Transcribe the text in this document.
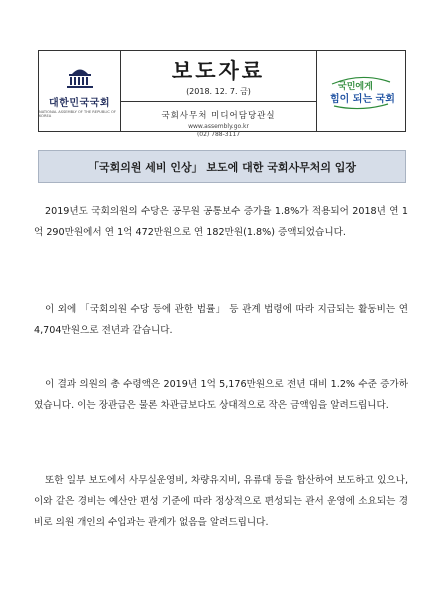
대한민국국회
NATIONAL ASSEMBLY OF THE REPUBLIC OF KOREA
보도자료
(2018. 12. 7. 금)
국회사무처 미디어담당관실
www.assembly.go.kr
(02) 788-3117
국민에게
힘이 되는 국회
「국회의원 세비 인상」 보도에 대한 국회사무처의 입장
2019년도 국회의원의 수당은 공무원 공통보수 증가율 1.8%가 적용되어 2018년 연 1억 290만원에서 연 1억 472만원으로 연 182만원(1.8%) 증액되었습니다.
이 외에 「국회의원 수당 등에 관한 법률」 등 관계 법령에 따라 지급되는 활동비는 연 4,704만원으로 전년과 같습니다.
이 결과 의원의 총 수령액은 2019년 1억 5,176만원으로 전년 대비 1.2% 수준 증가하였습니다. 이는 장관급은 물론 차관급보다도 상대적으로 작은 금액임을 알려드립니다.
또한 일부 보도에서 사무실운영비, 차량유지비, 유류대 등을 합산하여 보도하고 있으나, 이와 같은 경비는 예산안 편성 기준에 따라 정상적으로 편성되는 관서 운영에 소요되는 경비로 의원 개인의 수입과는 관계가 없음을 알려드립니다.
